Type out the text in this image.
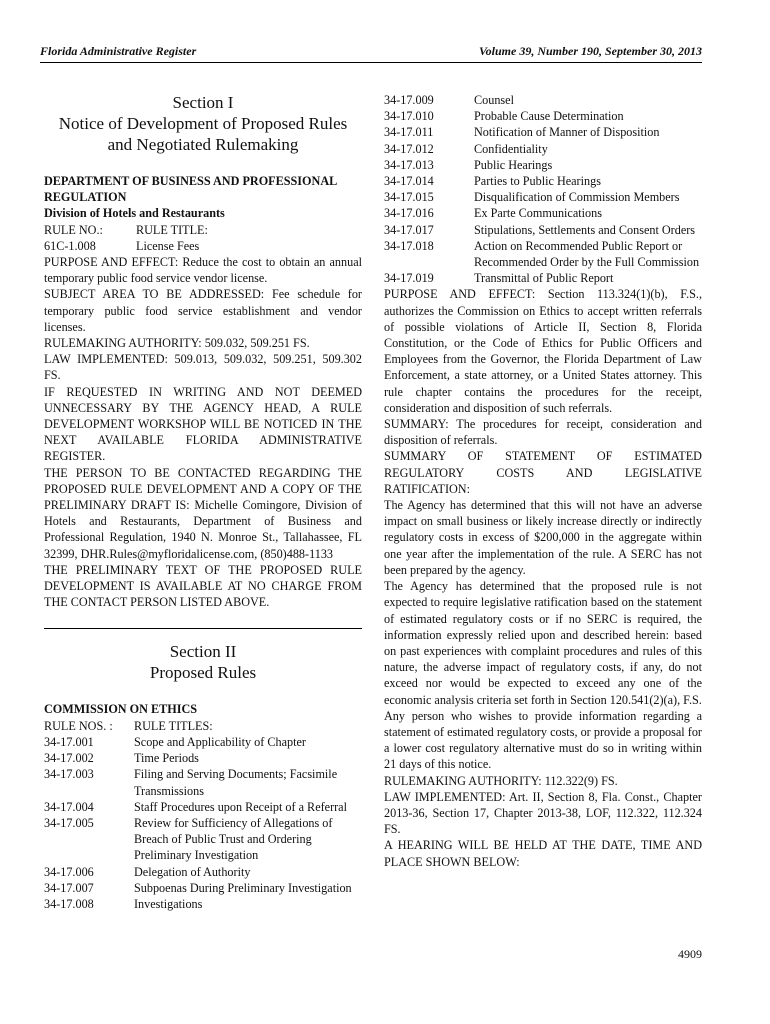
Florida Administrative Register	Volume 39, Number 190, September 30, 2013
Section I
Notice of Development of Proposed Rules
and Negotiated Rulemaking

DEPARTMENT OF BUSINESS AND PROFESSIONAL REGULATION

Division of Hotels and Restaurants

RULE NO.:	RULE TITLE:
61C-1.008	License Fees

PURPOSE AND EFFECT: Reduce the cost to obtain an annual temporary public food service vendor license.

SUBJECT AREA TO BE ADDRESSED: Fee schedule for temporary public food service establishment and vendor licenses.

RULEMAKING AUTHORITY: 509.032, 509.251 FS.

LAW IMPLEMENTED: 509.013, 509.032, 509.251, 509.302 FS.

IF REQUESTED IN WRITING AND NOT DEEMED UNNECESSARY BY THE AGENCY HEAD, A RULE DEVELOPMENT WORKSHOP WILL BE NOTICED IN THE NEXT AVAILABLE FLORIDA ADMINISTRATIVE REGISTER.

THE PERSON TO BE CONTACTED REGARDING THE PROPOSED RULE DEVELOPMENT AND A COPY OF THE PRELIMINARY DRAFT IS: Michelle Comingore, Division of Hotels and Restaurants, Department of Business and Professional Regulation, 1940 N. Monroe St., Tallahassee, FL 32399, DHR.Rules@myfloridalicense.com, (850)488-1133

THE PRELIMINARY TEXT OF THE PROPOSED RULE DEVELOPMENT IS AVAILABLE AT NO CHARGE FROM THE CONTACT PERSON LISTED ABOVE.

Section II
Proposed Rules

COMMISSION ON ETHICS

RULE NOS. :	RULE TITLES:
34-17.001	Scope and Applicability of Chapter
34-17.002	Time Periods
34-17.003	Filing and Serving Documents; Facsimile Transmissions
34-17.004	Staff Procedures upon Receipt of a Referral
34-17.005	Review for Sufficiency of Allegations of Breach of Public Trust and Ordering Preliminary Investigation
34-17.006	Delegation of Authority
34-17.007	Subpoenas During Preliminary Investigation
34-17.008	Investigations
34-17.009	Counsel
34-17.010	Probable Cause Determination
34-17.011	Notification of Manner of Disposition
34-17.012	Confidentiality
34-17.013	Public Hearings
34-17.014	Parties to Public Hearings
34-17.015	Disqualification of Commission Members
34-17.016	Ex Parte Communications
34-17.017	Stipulations, Settlements and Consent Orders
34-17.018	Action on Recommended Public Report or Recommended Order by the Full Commission
34-17.019	Transmittal of Public Report

PURPOSE AND EFFECT: Section 113.324(1)(b), F.S., authorizes the Commission on Ethics to accept written referrals of possible violations of Article II, Section 8, Florida Constitution, or the Code of Ethics for Public Officers and Employees from the Governor, the Florida Department of Law Enforcement, a state attorney, or a United States attorney. This rule chapter contains the procedures for the receipt, consideration and disposition of such referrals.

SUMMARY: The procedures for receipt, consideration and disposition of referrals.

SUMMARY OF STATEMENT OF ESTIMATED REGULATORY COSTS AND LEGISLATIVE RATIFICATION:

The Agency has determined that this will not have an adverse impact on small business or likely increase directly or indirectly regulatory costs in excess of $200,000 in the aggregate within one year after the implementation of the rule. A SERC has not been prepared by the agency.

The Agency has determined that the proposed rule is not expected to require legislative ratification based on the statement of estimated regulatory costs or if no SERC is required, the information expressly relied upon and described herein: based on past experiences with complaint procedures and rules of this nature, the adverse impact of regulatory costs, if any, do not exceed nor would be expected to exceed any one of the economic analysis criteria set forth in Section 120.541(2)(a), F.S.

Any person who wishes to provide information regarding a statement of estimated regulatory costs, or provide a proposal for a lower cost regulatory alternative must do so in writing within 21 days of this notice.

RULEMAKING AUTHORITY: 112.322(9) FS.

LAW IMPLEMENTED: Art. II, Section 8, Fla. Const., Chapter 2013-36, Section 17, Chapter 2013-38, LOF, 112.322, 112.324 FS.

A HEARING WILL BE HELD AT THE DATE, TIME AND PLACE SHOWN BELOW:

4909
